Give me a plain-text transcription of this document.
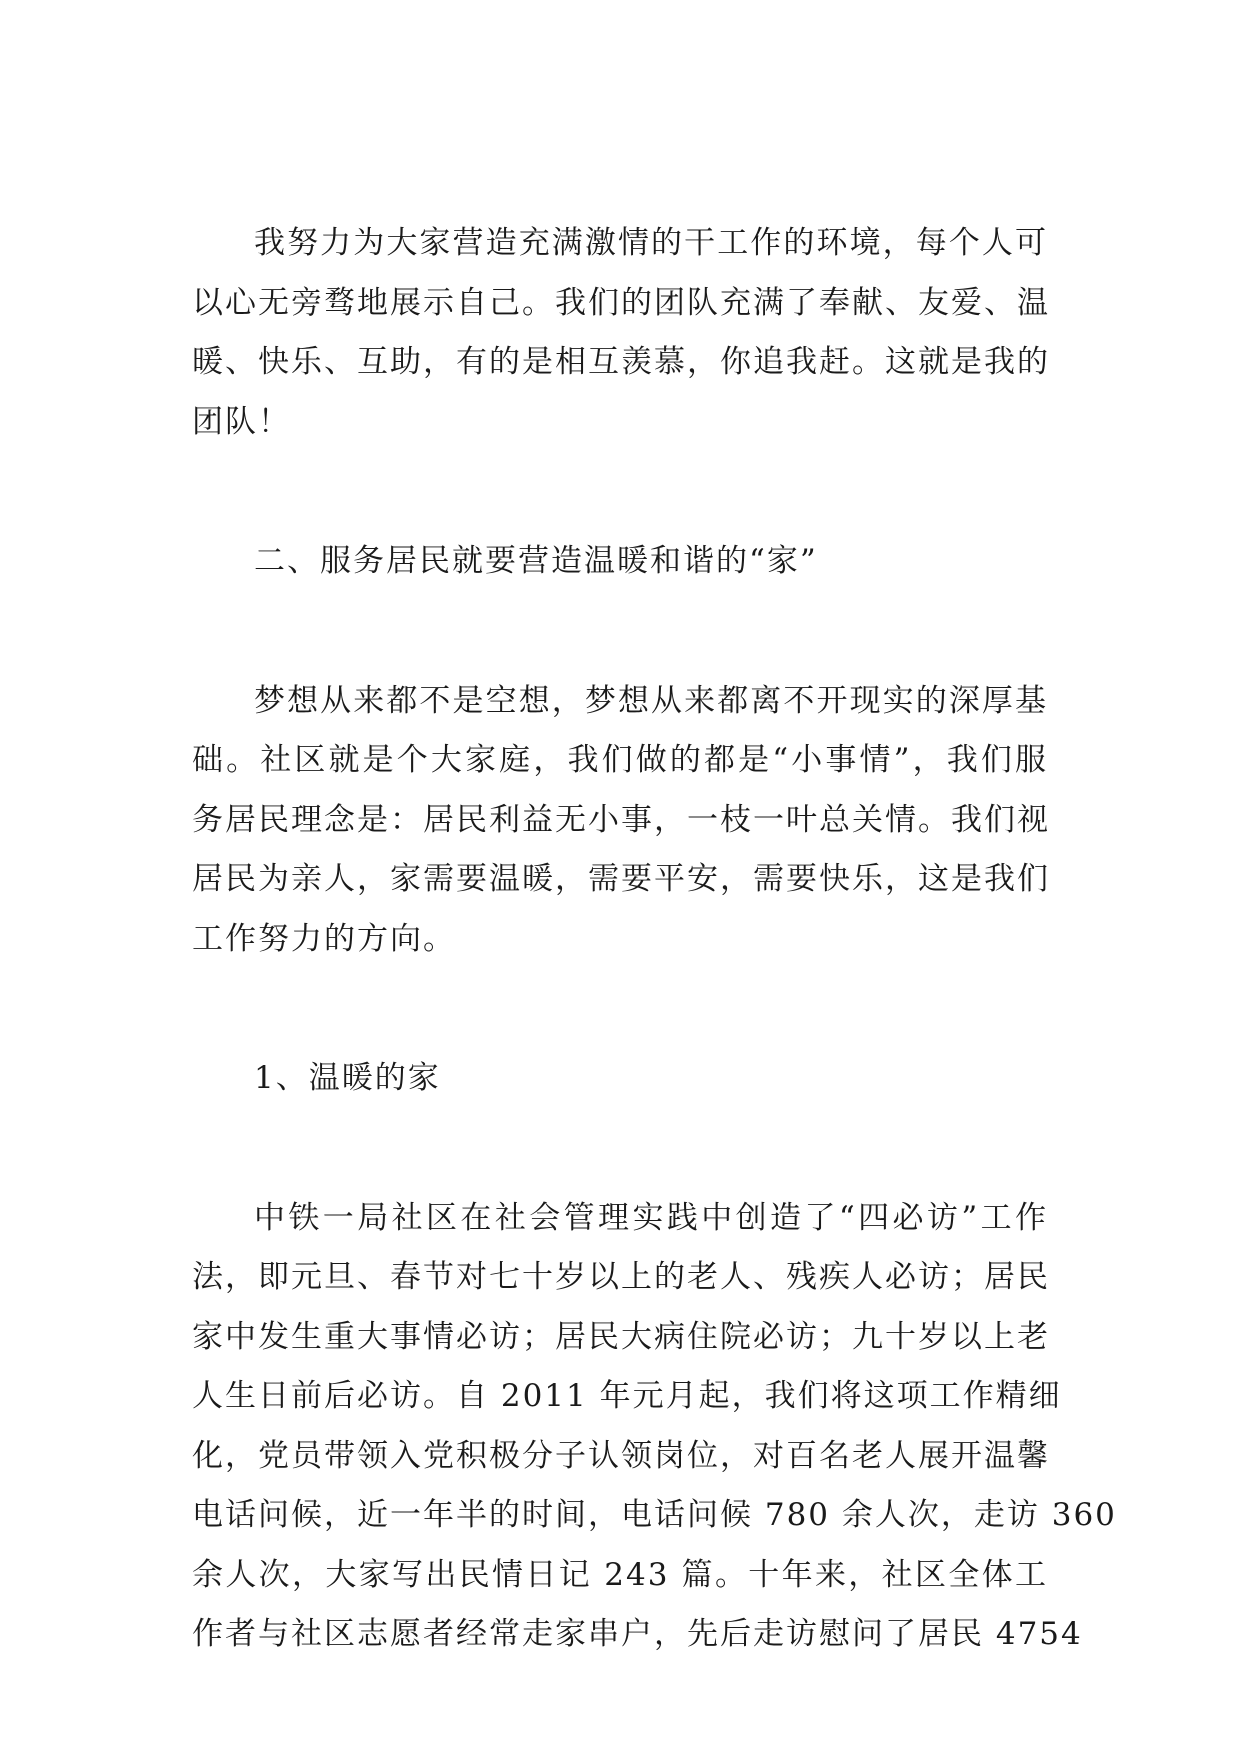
我努力为大家营造充满激情的干工作的环境，每个人可
以心无旁骛地展示自己。我们的团队充满了奉献、友爱、温
暖、快乐、互助，有的是相互羡慕，你追我赶。这就是我的
团队！
二、服务居民就要营造温暖和谐的“家”
梦想从来都不是空想，梦想从来都离不开现实的深厚基
础。社区就是个大家庭，我们做的都是“小事情”，我们服
务居民理念是：居民利益无小事，一枝一叶总关情。我们视
居民为亲人，家需要温暖，需要平安，需要快乐，这是我们
工作努力的方向。
1、温暖的家
中铁一局社区在社会管理实践中创造了“四必访”工作
法，即元旦、春节对七十岁以上的老人、残疾人必访；居民
家中发生重大事情必访；居民大病住院必访；九十岁以上老
人生日前后必访。自 2011 年元月起，我们将这项工作精细
化，党员带领入党积极分子认领岗位，对百名老人展开温馨
电话问候，近一年半的时间，电话问候 780 余人次，走访 360
余人次，大家写出民情日记 243 篇。十年来，社区全体工
作者与社区志愿者经常走家串户，先后走访慰问了居民 4754
